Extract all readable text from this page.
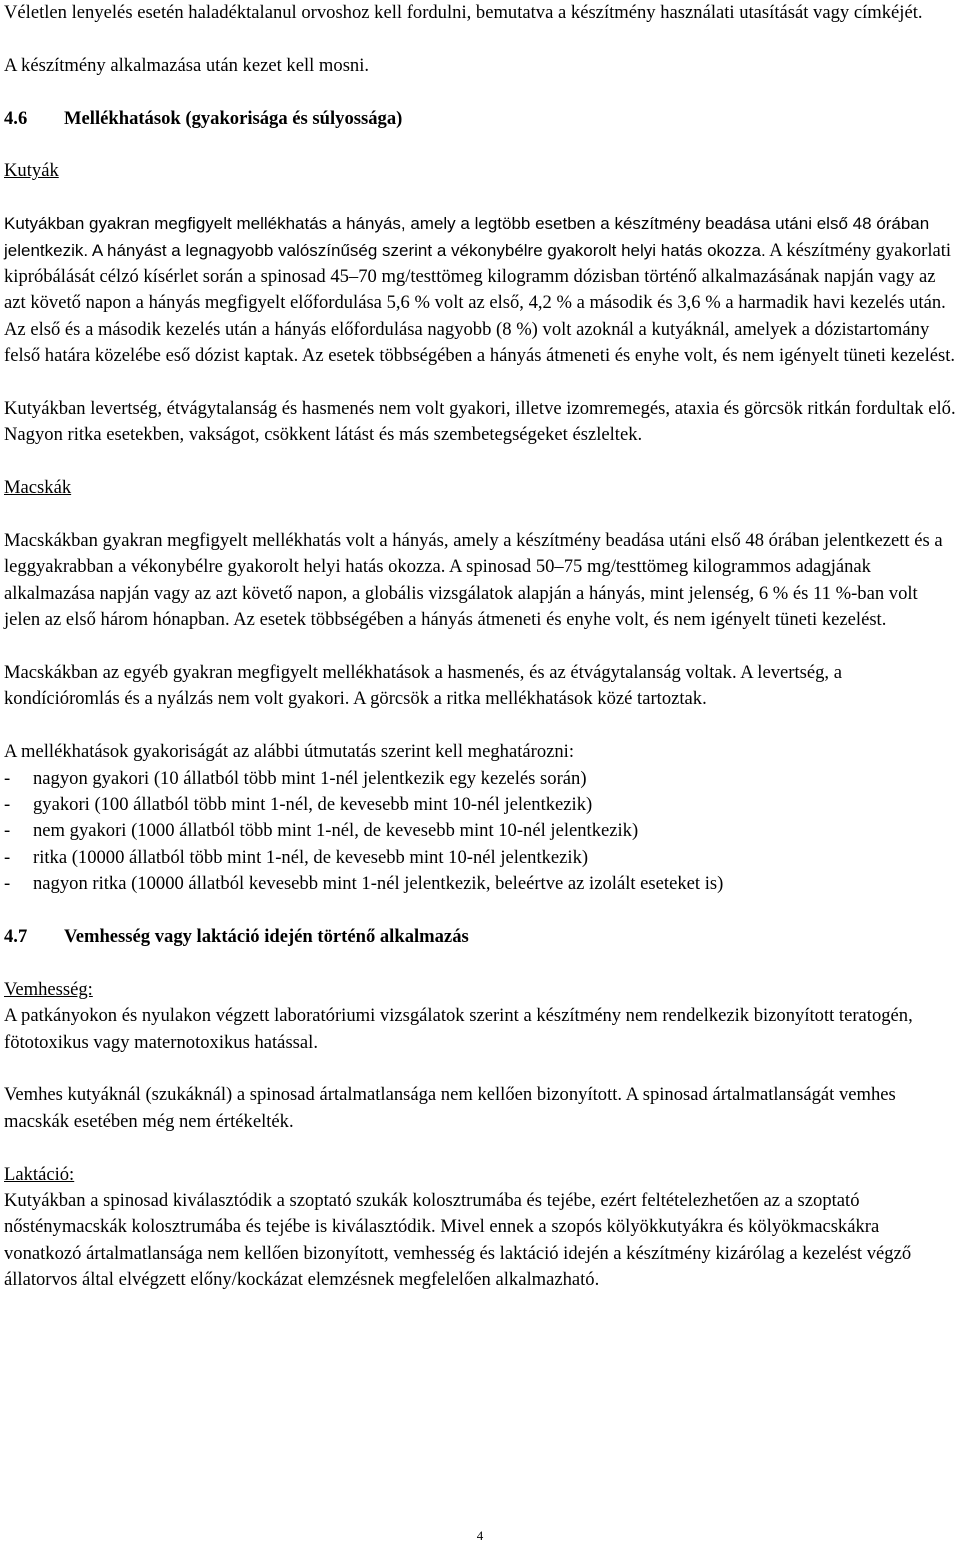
Véletlen lenyelés esetén haladéktalanul orvoshoz kell fordulni, bemutatva a készítmény használati utasítását vagy címkéjét.

A készítmény alkalmazása után kezet kell mosni.

4.6 Mellékhatások (gyakorisága és súlyossága)

Kutyák

Kutyákban gyakran megfigyelt mellékhatás a hányás, amely a legtöbb esetben a készítmény beadása utáni első 48 órában jelentkezik. A hányást a legnagyobb valószínűség szerint a vékonybélre gyakorolt helyi hatás okozza. A készítmény gyakorlati kipróbálását célzó kísérlet során a spinosad 45–70 mg/testtömeg kilogramm dózisban történő alkalmazásának napján vagy az azt követő napon a hányás megfigyelt előfordulása 5,6 % volt az első, 4,2 % a második és 3,6 % a harmadik havi kezelés után. Az első és a második kezelés után a hányás előfordulása nagyobb (8 %) volt azoknál a kutyáknál, amelyek a dózistartomány felső határa közelébe eső dózist kaptak. Az esetek többségében a hányás átmeneti és enyhe volt, és nem igényelt tüneti kezelést.

Kutyákban levertség, étvágytalanság és hasmenés nem volt gyakori, illetve izomremegés, ataxia és görcsök ritkán fordultak elő. Nagyon ritka esetekben, vakságot, csökkent látást és más szembetegségeket észleltek.

Macskák

Macskákban gyakran megfigyelt mellékhatás volt a hányás, amely a készítmény beadása utáni első 48 órában jelentkezett és a leggyakrabban a vékonybélre gyakorolt helyi hatás okozza. A spinosad 50–75 mg/testtömeg kilogrammos adagjának alkalmazása napján vagy az azt követő napon, a globális vizsgálatok alapján a hányás, mint jelenség, 6 % és 11 %-ban volt jelen az első három hónapban. Az esetek többségében a hányás átmeneti és enyhe volt, és nem igényelt tüneti kezelést.

Macskákban az egyéb gyakran megfigyelt mellékhatások a hasmenés, és az étvágytalanság voltak. A levertség, a kondícióromlás és a nyálzás nem volt gyakori. A görcsök a ritka mellékhatások közé tartoztak.

A mellékhatások gyakoriságát az alábbi útmutatás szerint kell meghatározni:

- nagyon gyakori (10 állatból több mint 1-nél jelentkezik egy kezelés során)

- gyakori (100 állatból több mint 1-nél, de kevesebb mint 10-nél jelentkezik)

- nem gyakori (1000 állatból több mint 1-nél, de kevesebb mint 10-nél jelentkezik)

- ritka (10000 állatból több mint 1-nél, de kevesebb mint 10-nél jelentkezik)

- nagyon ritka (10000 állatból kevesebb mint 1-nél jelentkezik, beleértve az izolált eseteket is)

4.7 Vemhesség vagy laktáció idején történő alkalmazás

Vemhesség:

A patkányokon és nyulakon végzett laboratóriumi vizsgálatok szerint a készítmény nem rendelkezik bizonyított teratogén, fötotoxikus vagy maternotoxikus hatással.

Vemhes kutyáknál (szukáknál) a spinosad ártalmatlansága nem kellően bizonyított. A spinosad ártalmatlanságát vemhes macskák esetében még nem értékelték.

Laktáció:

Kutyákban a spinosad kiválasztódik a szoptató szukák kolosztrumába és tejébe, ezért feltételezhetően az a szoptató nősténymacskák kolosztrumába és tejébe is kiválasztódik. Mivel ennek a szopós kölyökkutyákra és kölyökmacskákra vonatkozó ártalmatlansága nem kellően bizonyított, vemhesség és laktáció idején a készítmény kizárólag a kezelést végző állatorvos által elvégzett előny/kockázat elemzésnek megfelelően alkalmazható.

4
